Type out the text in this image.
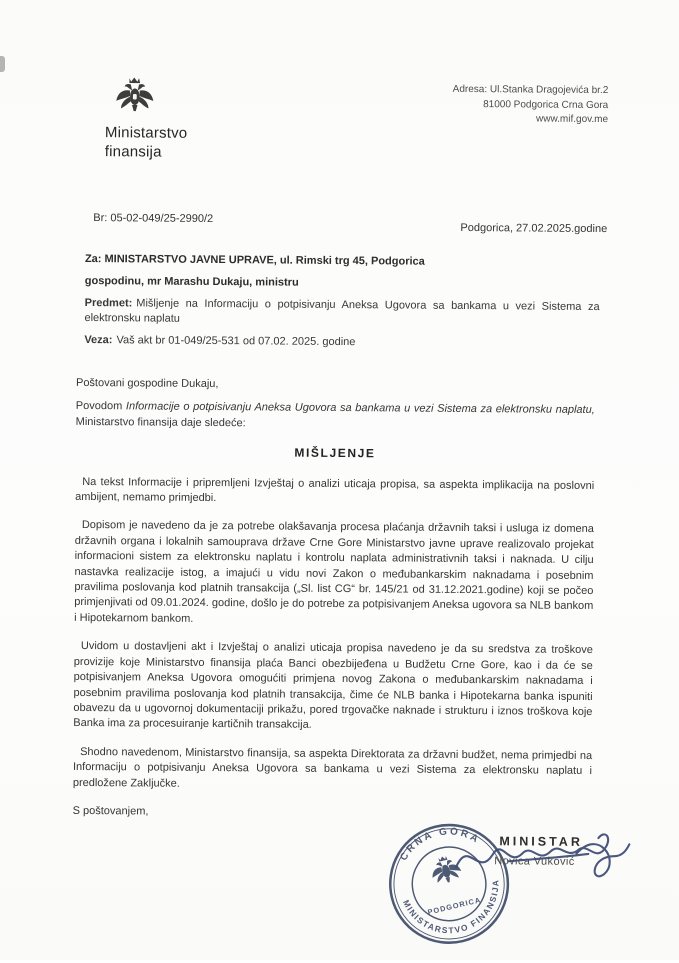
Ministarstvo
finansija
Adresa: Ul.Stanka Dragojevića br.2
81000 Podgorica Crna Gora
www.mif.gov.me
Br: 05-02-049/25-2990/2
Podgorica, 27.02.2025.godine
Za: MINISTARSTVO JAVNE UPRAVE, ul. Rimski trg 45, Podgorica
gospodinu, mr Marashu Dukaju, ministru
Predmet: Mišljenje na Informaciju o potpisivanju Aneksa Ugovora sa bankama u vezi Sistema za elektronsku naplatu
Veza: Vaš akt br 01-049/25-531 od 07.02. 2025. godine
Poštovani gospodine Dukaju,

Povodom Informacije o potpisivanju Aneksa Ugovora sa bankama u vezi Sistema za elektronsku naplatu, Ministarstvo finansija daje sledeće:

MIŠLJENJE

Na tekst Informacije i pripremljeni Izvještaj o analizi uticaja propisa, sa aspekta implikacija na poslovni ambijent, nemamo primjedbi.

Dopisom je navedeno da je za potrebe olakšavanja procesa plaćanja državnih taksi i usluga iz domena državnih organa i lokalnih samouprava države Crne Gore Ministarstvo javne uprave realizovalo projekat informacioni sistem za elektronsku naplatu i kontrolu naplata administrativnih taksi i naknada. U cilju nastavka realizacije istog, a imajući u vidu novi Zakon o međubankarskim naknadama i posebnim pravilima poslovanja kod platnih transakcija („Sl. list CG“ br. 145/21 od 31.12.2021.godine) koji se počeo primjenjivati od 09.01.2024. godine, došlo je do potrebe za potpisivanjem Aneksa ugovora sa NLB bankom i Hipotekarnom bankom.

Uvidom u dostavljeni akt i Izvještaj o analizi uticaja propisa navedeno je da su sredstva za troškove provizije koje Ministarstvo finansija plaća Banci obezbijeđena u Budžetu Crne Gore, kao i da će se potpisivanjem Aneksa Ugovora omogućiti primjena novog Zakona o međubankarskim naknadama i posebnim pravilima poslovanja kod platnih transakcija, čime će NLB banka i Hipotekarna banka ispuniti obavezu da u ugovornoj dokumentaciji prikažu, pored trgovačke naknade i strukturu i iznos troškova koje Banka ima za procesuiranje kartičnih transakcija.

Shodno navedenom, Ministarstvo finansija, sa aspekta Direktorata za državni budžet, nema primjedbi na Informaciju o potpisivanju Aneksa Ugovora sa bankama u vezi Sistema za elektronsku naplatu i predložene Zaključke.

S poštovanjem,
CRNA GORA
MINISTARSTVO FINANSIJA
PODGORICA
MINISTAR
Novica Vuković
